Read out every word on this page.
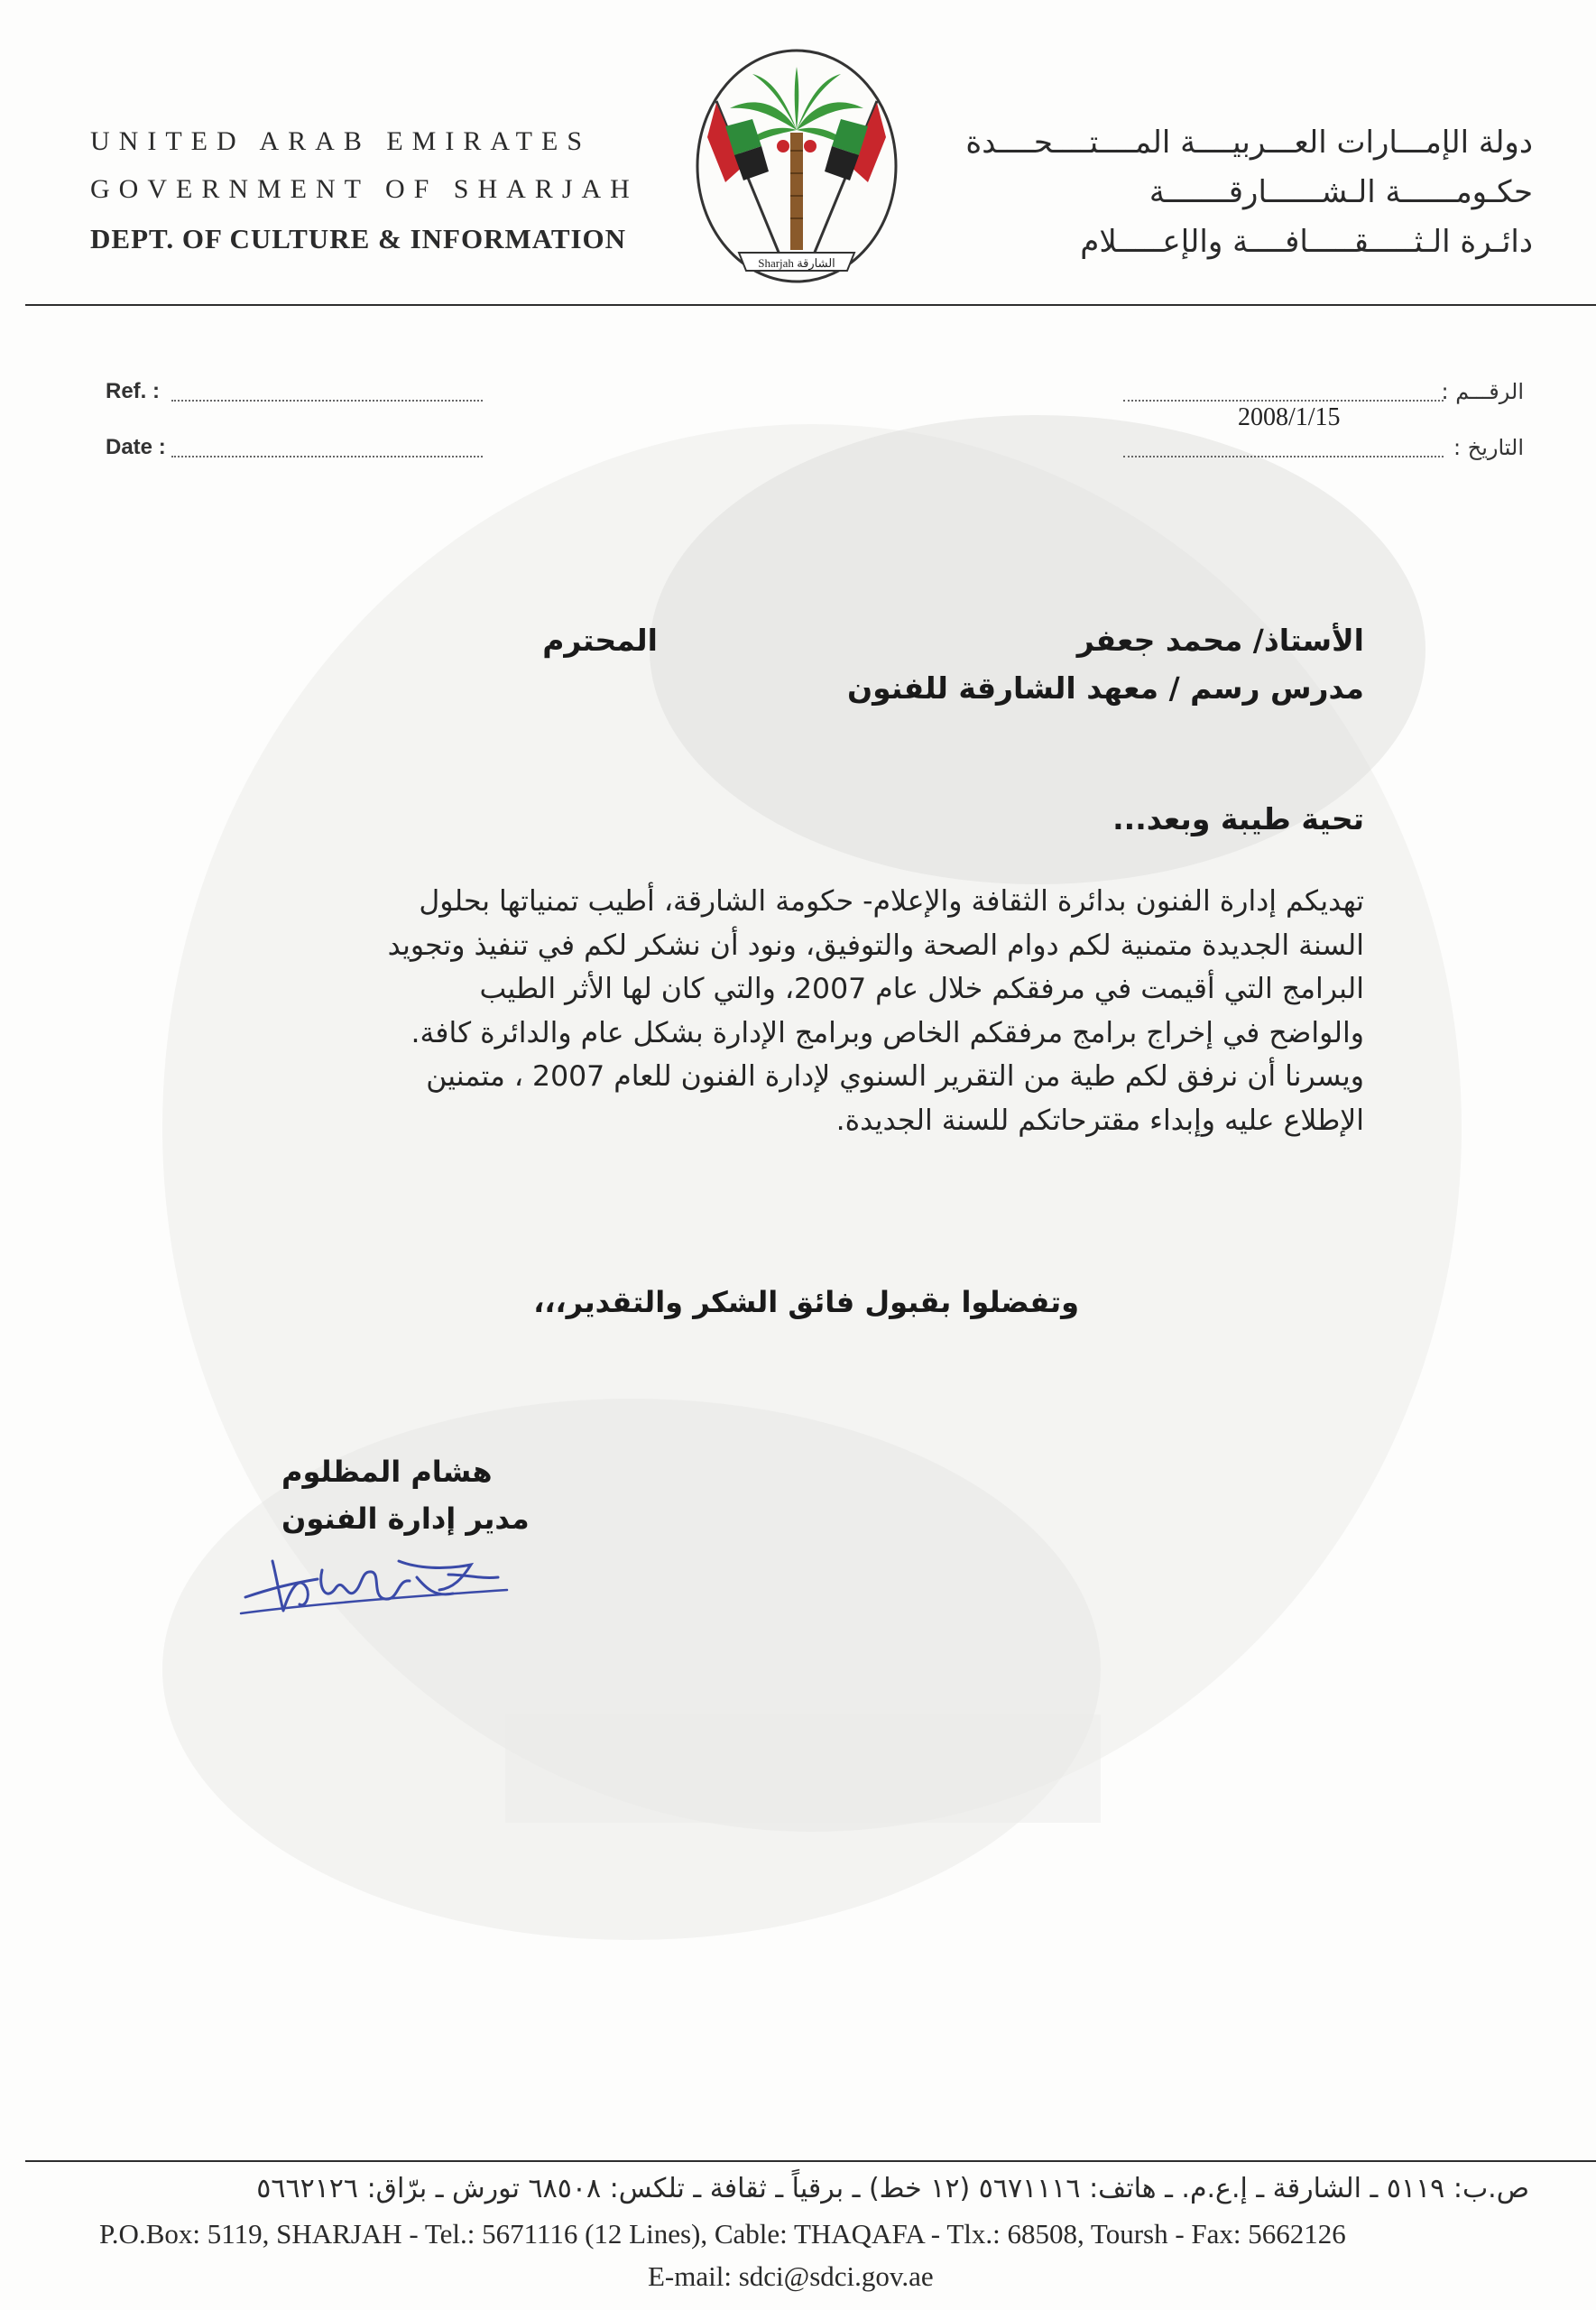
UNITED ARAB EMIRATES
GOVERNMENT OF SHARJAH
DEPT. OF CULTURE & INFORMATION
Sharjah الشارقة
دولة الإمـــارات العـــربيــــة المــــتــــحــــدة
حكـومــــــة الـشــــــارقـــــــة
دائـرة الـثـــــقـــــافــــة والإعـــــلام
Ref. :
Date :
الرقـــم :
2008/1/15
التاريخ :
الأستاذ/ محمد جعفر
المحترم
مدرس رسم / معهد الشارقة للفنون
تحية طيبة وبعد...
تهديكم إدارة الفنون بدائرة الثقافة والإعلام- حكومة الشارقة، أطيب تمنياتها بحلول
السنة الجديدة متمنية لكم دوام الصحة والتوفيق، ونود أن نشكر لكم في تنفيذ وتجويد
البرامج التي أقيمت في مرفقكم خلال عام 2007، والتي كان لها الأثر الطيب
والواضح في إخراج برامج مرفقكم الخاص وبرامج الإدارة بشكل عام والدائرة كافة.
ويسرنا أن نرفق لكم طية من التقرير السنوي لإدارة الفنون للعام 2007 ، متمنين
الإطلاع عليه وإبداء مقترحاتكم للسنة الجديدة.
وتفضلوا بقبول فائق الشكر والتقدير،،،
هشام المظلوم
مدير إدارة الفنون
ص.ب: ٥١١٩ ـ الشارقة ـ إ.ع.م. ـ هاتف: ٥٦٧١١١٦ (١٢ خط) ـ برقياً ـ ثقافة ـ تلكس: ٦٨٥٠٨ تورش ـ برّاق: ٥٦٦٢١٢٦
P.O.Box: 5119, SHARJAH - Tel.: 5671116 (12 Lines), Cable: THAQAFA - Tlx.: 68508, Toursh - Fax: 5662126
E-mail: sdci@sdci.gov.ae
